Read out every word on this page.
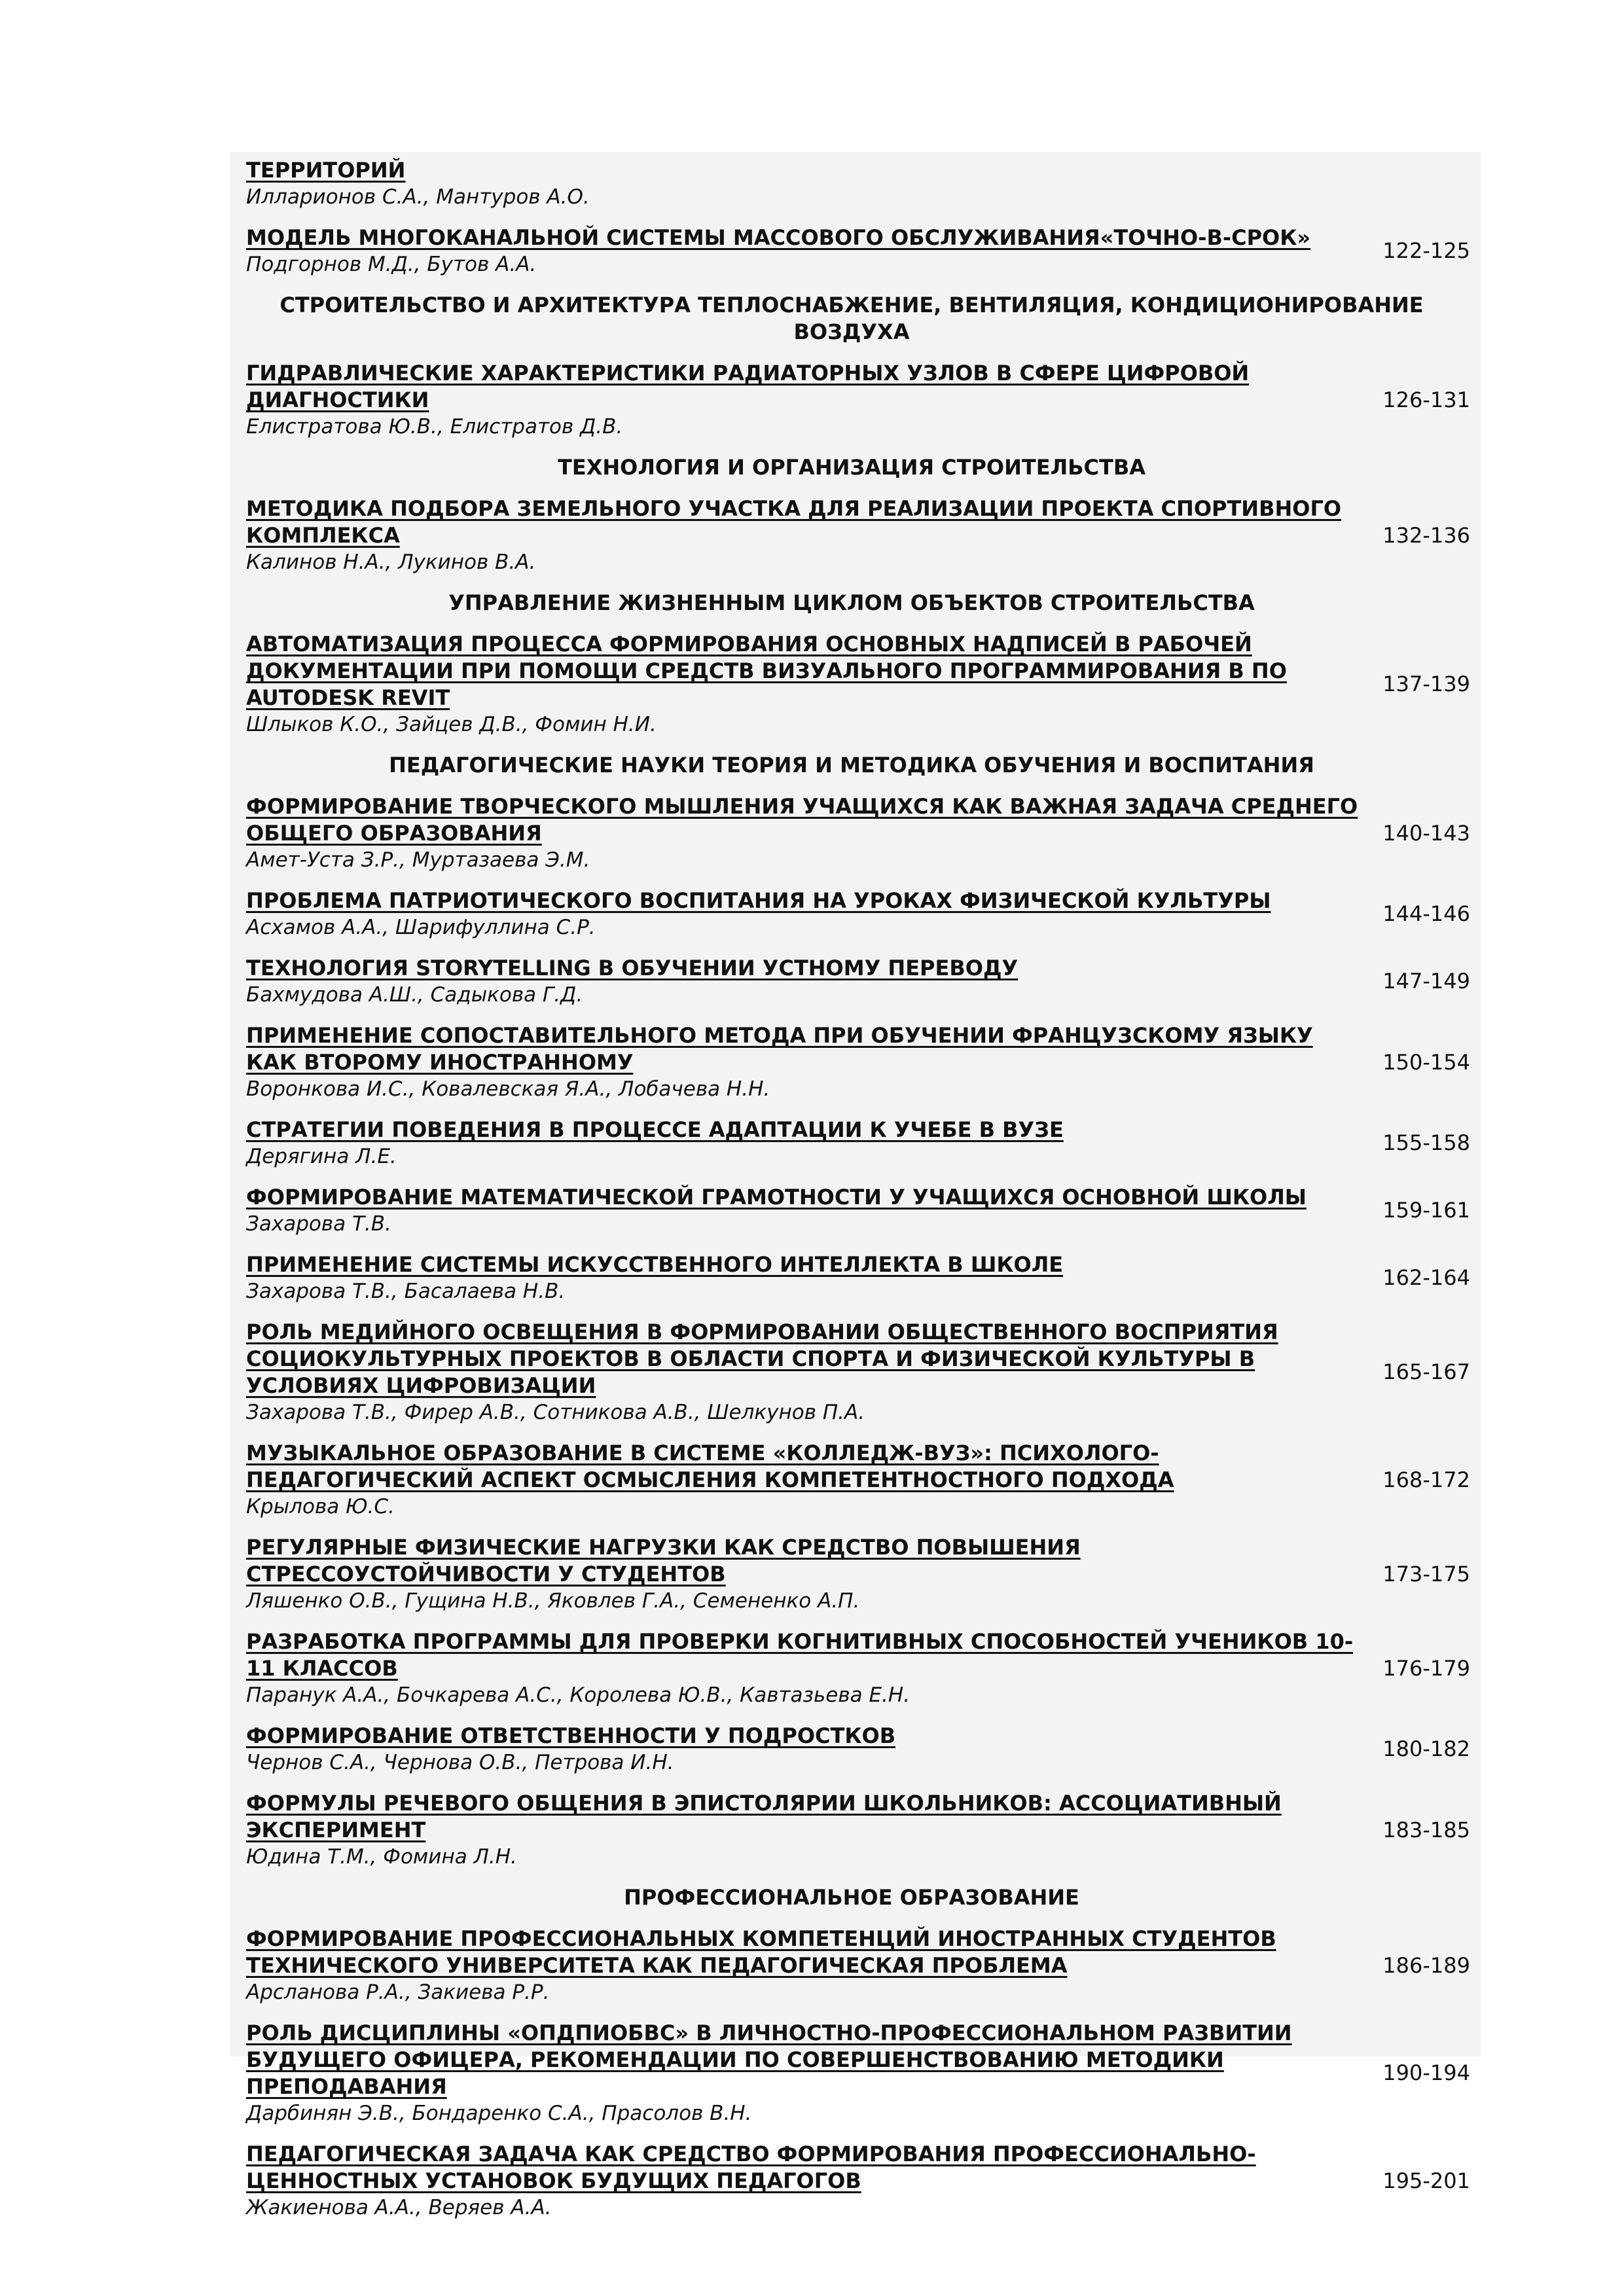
ТЕРРИТОРИЙ
Илларионов С.А., Мантуров А.О.
МОДЕЛЬ МНОГОКАНАЛЬНОЙ СИСТЕМЫ МАССОВОГО ОБСЛУЖИВАНИЯ«ТОЧНО-В-СРОК»
Подгорнов М.Д., Бутов А.А.
122-125
СТРОИТЕЛЬСТВО И АРХИТЕКТУРА ТЕПЛОСНАБЖЕНИЕ, ВЕНТИЛЯЦИЯ, КОНДИЦИОНИРОВАНИЕ ВОЗДУХА
ГИДРАВЛИЧЕСКИЕ ХАРАКТЕРИСТИКИ РАДИАТОРНЫХ УЗЛОВ В СФЕРЕ ЦИФРОВОЙ ДИАГНОСТИКИ
Елистратова Ю.В., Елистратов Д.В.
126-131
ТЕХНОЛОГИЯ И ОРГАНИЗАЦИЯ СТРОИТЕЛЬСТВА
МЕТОДИКА ПОДБОРА ЗЕМЕЛЬНОГО УЧАСТКА ДЛЯ РЕАЛИЗАЦИИ ПРОЕКТА СПОРТИВНОГО КОМПЛЕКСА
Калинов Н.А., Лукинов В.А.
132-136
УПРАВЛЕНИЕ ЖИЗНЕННЫМ ЦИКЛОМ ОБЪЕКТОВ СТРОИТЕЛЬСТВА
АВТОМАТИЗАЦИЯ ПРОЦЕССА ФОРМИРОВАНИЯ ОСНОВНЫХ НАДПИСЕЙ В РАБОЧЕЙ ДОКУМЕНТАЦИИ ПРИ ПОМОЩИ СРЕДСТВ ВИЗУАЛЬНОГО ПРОГРАММИРОВАНИЯ В ПО AUTODESK REVIT
Шлыков К.О., Зайцев Д.В., Фомин Н.И.
137-139
ПЕДАГОГИЧЕСКИЕ НАУКИ ТЕОРИЯ И МЕТОДИКА ОБУЧЕНИЯ И ВОСПИТАНИЯ
ФОРМИРОВАНИЕ ТВОРЧЕСКОГО МЫШЛЕНИЯ УЧАЩИХСЯ КАК ВАЖНАЯ ЗАДАЧА СРЕДНЕГО ОБЩЕГО ОБРАЗОВАНИЯ
Амет-Уста З.Р., Муртазаева Э.М.
140-143
ПРОБЛЕМА ПАТРИОТИЧЕСКОГО ВОСПИТАНИЯ НА УРОКАХ ФИЗИЧЕСКОЙ КУЛЬТУРЫ
Асхамов А.А., Шарифуллина С.Р.
144-146
ТЕХНОЛОГИЯ STORYTELLING В ОБУЧЕНИИ УСТНОМУ ПЕРЕВОДУ
Бахмудова А.Ш., Садыкова Г.Д.
147-149
ПРИМЕНЕНИЕ СОПОСТАВИТЕЛЬНОГО МЕТОДА ПРИ ОБУЧЕНИИ ФРАНЦУЗСКОМУ ЯЗЫКУ КАК ВТОРОМУ ИНОСТРАННОМУ
Воронкова И.С., Ковалевская Я.А., Лобачева Н.Н.
150-154
СТРАТЕГИИ ПОВЕДЕНИЯ В ПРОЦЕССЕ АДАПТАЦИИ К УЧЕБЕ В ВУЗЕ
Дерягина Л.Е.
155-158
ФОРМИРОВАНИЕ МАТЕМАТИЧЕСКОЙ ГРАМОТНОСТИ У УЧАЩИХСЯ ОСНОВНОЙ ШКОЛЫ
Захарова Т.В.
159-161
ПРИМЕНЕНИЕ СИСТЕМЫ ИСКУССТВЕННОГО ИНТЕЛЛЕКТА В ШКОЛЕ
Захарова Т.В., Басалаева Н.В.
162-164
РОЛЬ МЕДИЙНОГО ОСВЕЩЕНИЯ В ФОРМИРОВАНИИ ОБЩЕСТВЕННОГО ВОСПРИЯТИЯ СОЦИОКУЛЬТУРНЫХ ПРОЕКТОВ В ОБЛАСТИ СПОРТА И ФИЗИЧЕСКОЙ КУЛЬТУРЫ В УСЛОВИЯХ ЦИФРОВИЗАЦИИ
Захарова Т.В., Фирер А.В., Сотникова А.В., Шелкунов П.А.
165-167
МУЗЫКАЛЬНОЕ ОБРАЗОВАНИЕ В СИСТЕМЕ «КОЛЛЕДЖ-ВУЗ»: ПСИХОЛОГО-ПЕДАГОГИЧЕСКИЙ АСПЕКТ ОСМЫСЛЕНИЯ КОМПЕТЕНТНОСТНОГО ПОДХОДА
Крылова Ю.С.
168-172
РЕГУЛЯРНЫЕ ФИЗИЧЕСКИЕ НАГРУЗКИ КАК СРЕДСТВО ПОВЫШЕНИЯ СТРЕССОУСТОЙЧИВОСТИ У СТУДЕНТОВ
Ляшенко О.В., Гущина Н.В., Яковлев Г.А., Семененко А.П.
173-175
РАЗРАБОТКА ПРОГРАММЫ ДЛЯ ПРОВЕРКИ КОГНИТИВНЫХ СПОСОБНОСТЕЙ УЧЕНИКОВ 10-11 КЛАССОВ
Паранук А.А., Бочкарева А.С., Королева Ю.В., Кавтазьева Е.Н.
176-179
ФОРМИРОВАНИЕ ОТВЕТСТВЕННОСТИ У ПОДРОСТКОВ
Чернов С.А., Чернова О.В., Петрова И.Н.
180-182
ФОРМУЛЫ РЕЧЕВОГО ОБЩЕНИЯ В ЭПИСТОЛЯРИИ ШКОЛЬНИКОВ: АССОЦИАТИВНЫЙ ЭКСПЕРИМЕНТ
Юдина Т.М., Фомина Л.Н.
183-185
ПРОФЕССИОНАЛЬНОЕ ОБРАЗОВАНИЕ
ФОРМИРОВАНИЕ ПРОФЕССИОНАЛЬНЫХ КОМПЕТЕНЦИЙ ИНОСТРАННЫХ СТУДЕНТОВ ТЕХНИЧЕСКОГО УНИВЕРСИТЕТА КАК ПЕДАГОГИЧЕСКАЯ ПРОБЛЕМА
Арсланова Р.А., Закиева Р.Р.
186-189
РОЛЬ ДИСЦИПЛИНЫ «ОПДПИОБВС» В ЛИЧНОСТНО-ПРОФЕССИОНАЛЬНОМ РАЗВИТИИ БУДУЩЕГО ОФИЦЕРА, РЕКОМЕНДАЦИИ ПО СОВЕРШЕНСТВОВАНИЮ МЕТОДИКИ ПРЕПОДАВАНИЯ
Дарбинян Э.В., Бондаренко С.А., Прасолов В.Н.
190-194
ПЕДАГОГИЧЕСКАЯ ЗАДАЧА КАК СРЕДСТВО ФОРМИРОВАНИЯ ПРОФЕССИОНАЛЬНО-ЦЕННОСТНЫХ УСТАНОВОК БУДУЩИХ ПЕДАГОГОВ
Жакиенова А.А., Веряев А.А.
195-201
